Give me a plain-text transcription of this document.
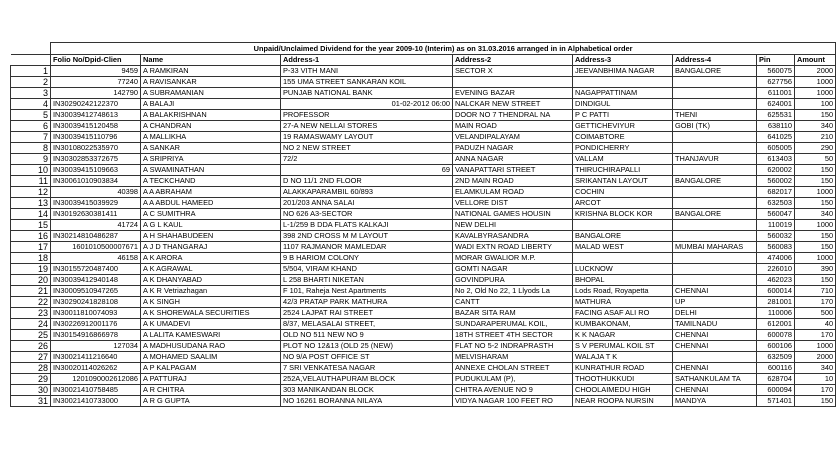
	Unpaid/Unclaimed Dividend for the year 2009-10 (Interim) as on 31.03.2016 arranged in in Alphabetical order							
	Folio No/Dpid-Clien	Name	Address-1	Address-2	Address-3	Address-4	Pin	Amount
1	9459	A RAMKIRAN	P-33 VITH MANI	SECTOR X	JEEVANBHIMA NAGAR	BANGALORE	560075	2000
2	77240	A RAVISANKAR	155 UMA STREET SANKARAN KOIL				627756	1000
3	142790	A SUBRAMANIAN	PUNJAB NATIONAL BANK	EVENING BAZAR	NAGAPPATTINAM		611001	1000
4	IN30290242122370	A BALAJI	01-02-2012 06:00	NALCKAR NEW STREET	DINDIGUL		624001	100
5	IN30039412748613	A BALAKRISHNAN	PROFESSOR	DOOR NO 7 THENDRAL NA	P C PATTI	THENI	625531	150
6	IN30039415120458	A CHANDRAN	27-A NEW NELLAI STORES	MAIN ROAD	GETTICHEVIYUR	GOBI (TK)	638110	340
7	IN30039415110796	A MALLIKHA	19 RAMASWAMY LAYOUT	VELANDIPALAYAM	COIMABTORE		641025	210
8	IN30108022535970	A SANKAR	NO 2 NEW STREET	PADUZH NAGAR	PONDICHERRY		605005	290
9	IN30302853372675	A SRIPRIYA	72/2	ANNA NAGAR	VALLAM	THANJAVUR	613403	50
10	IN30039415109663	A SWAMINATHAN	69	VANAPATTARI STREET	THIRUCHIRAPALLI		620002	150
11	IN30061010903834	A TECKCHAND	D NO 11/1 2ND FLOOR	2ND MAIN ROAD	SRIKANTAN LAYOUT	BANGALORE	560002	150
12	40398	A A ABRAHAM	ALAKKAPARAMBIL 60/893	ELAMKULAM ROAD	COCHIN		682017	1000
13	IN30039415039929	A A ABDUL HAMEED	201/203 ANNA SALAI	VELLORE DIST	ARCOT		632503	150
14	IN30192630381411	A C SUMITHRA	NO 626 A3-SECTOR	NATIONAL GAMES HOUSIN	KRISHNA BLOCK KOR	BANGALORE	560047	340
15	41724	A G L KAUL	L-1/259 B DDA FLATS KALKAJI	NEW DELHI			110019	1000
16	IN30214810486287	A H SHAHABUDEEN	398 2ND CROSS M M LAYOUT	KAVALBYRASANDRA	BANGALORE		560032	150
17	1601010500007671	A J D THANGARAJ	1107 RAJMANOR MAMLEDAR	WADI EXTN ROAD LIBERTY	MALAD WEST	MUMBAI MAHARAS	560083	150
18	46158	A K ARORA	9 B HARIOM COLONY	MORAR GWALIOR M.P.			474006	1000
19	IN30155720487400	A K AGRAWAL	5/504, VIRAM KHAND	GOMTI NAGAR	LUCKNOW		226010	390
20	IN30039412940148	A K DHANYABAD	L 258 BHARTI NIKETAN	GOVINDPURA	BHOPAL		462023	150
21	IN30009510947265	A K R Vetriazhagan	F 101, Raheja Nest Apartments	No 2, Old No 22, 1 Llyods La	Lods Road, Royapetta	CHENNAI	600014	710
22	IN30290241828108	A K SINGH	42/3 PRATAP PARK MATHURA	CANTT	MATHURA	UP	281001	170
23	IN30011810074093	A K SHOREWALA SECURITIES	2524 LAJPAT RAI STREET	BAZAR SITA RAM	FACING ASAF ALI RO	DELHI	110006	500
24	IN30226912001176	A K UMADEVI	8/37, MELASALAI STREET,	SUNDARAPERUMAL KOIL,	KUMBAKONAM,	TAMILNADU	612001	40
25	IN30154916866978	A LALITA KAMESWARI	OLD NO 511 NEW NO 9	18TH STREET 4TH SECTOR	K K NAGAR	CHENNAI	600078	170
26	127034	A MADHUSUDANA RAO	PLOT NO 12&13 (OLD 25 (NEW)	FLAT NO 5-2 INDRAPRASTH	S V PERUMAL KOIL ST	CHENNAI	600106	1000
27	IN30021411216640	A MOHAMED SAALIM	NO 9/A POST OFFICE ST	MELVISHARAM	WALAJA T K		632509	2000
28	IN30020114026262	A P KALPAGAM	7 SRI VENKATESA NAGAR	ANNEXE CHOLAN STREET	KUNRATHUR ROAD	CHENNAI	600116	340
29	1201090002612086	A PATTURAJ	252A,VELAUTHAPURAM BLOCK	PUDUKULAM (P),	THOOTHUKKUDI	SATHANKULAM TA	628704	10
30	IN30021410758485	A R CHITRA	303 MANIKANDAN BLOCK	CHITRA AVENUE NO 9	CHOOLAIMEDU HIGH	CHENNAI	600094	170
31	IN30021410733000	A R G GUPTA	NO 16261 BORANNA NILAYA	VIDYA NAGAR 100 FEET RO	NEAR ROOPA NURSIN	MANDYA	571401	150
